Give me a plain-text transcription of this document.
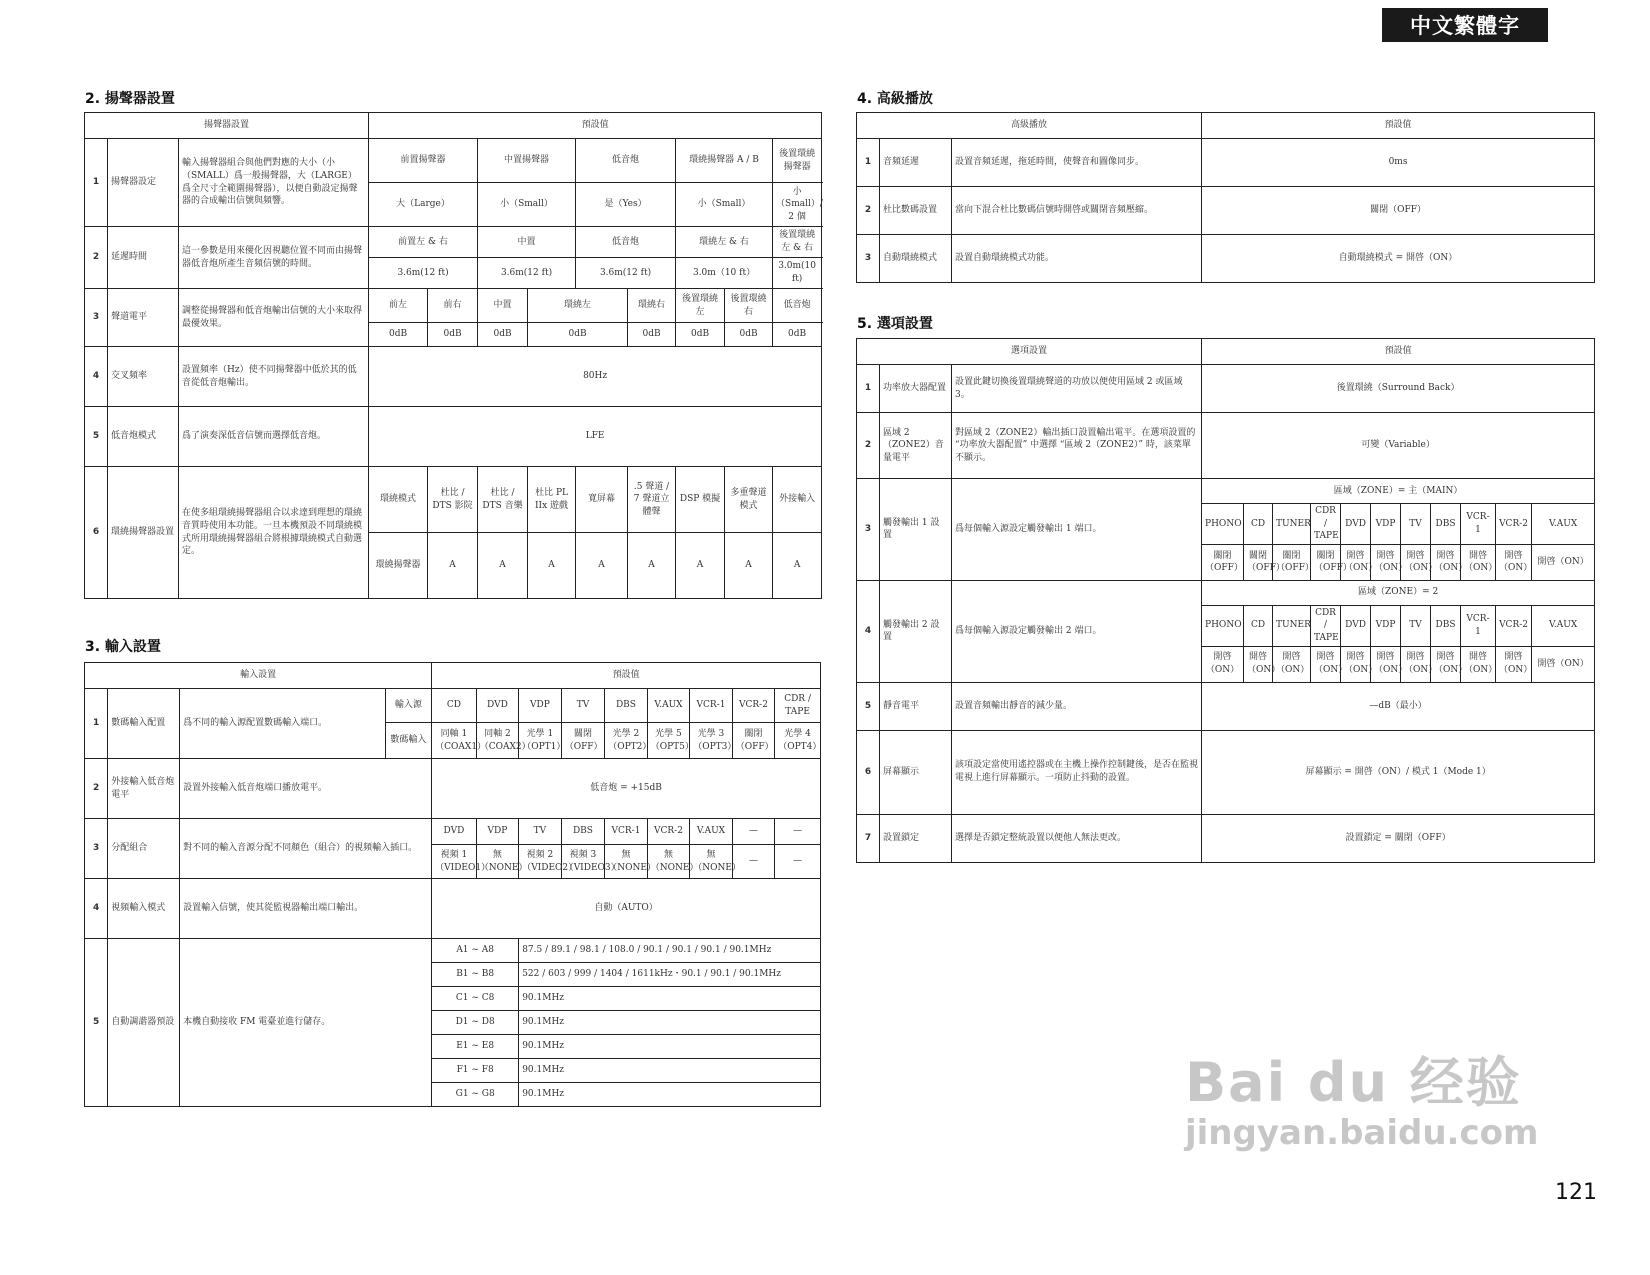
中文繁體字
2. 揚聲器設置
揚聲器設置			預設值								
1	揚聲器設定	輸入揚聲器組合與他們對應的大小（小（SMALL）爲一般揚聲器，大（LARGE）爲全尺寸全範圍揚聲器），以便自動設定揚聲器的合成輸出信號與頻響。	前置揚聲器		中置揚聲器		低音炮		環繞揚聲器 A / B		後置環繞揚聲器
			大（Large）		小（Small）		是（Yes）		小（Small）		小（Small）/ 2 個
2	延遲時間	這一參數是用來優化因視聽位置不同而由揚聲器低音炮所產生音頻信號的時間。	前置左 & 右		中置		低音炮		環繞左 & 右		後置環繞左 & 右
			3.6m(12 ft)		3.6m(12 ft)		3.6m(12 ft)		3.0m（10 ft）		3.0m(10 ft)
3	聲道電平	調整從揚聲器和低音炮輸出信號的大小來取得最優效果。	前左	前右	中置	環繞左		環繞右	後置環繞左	後置環繞右	低音炮
			0dB	0dB	0dB	0dB		0dB	0dB	0dB	0dB
4	交叉頻率	設置頻率（Hz）使不同揚聲器中低於其的低音從低音炮輸出。	80Hz								
5	低音炮模式	爲了演奏深低音信號而選擇低音炮。	LFE								
6	環繞揚聲器設置	在使多組環繞揚聲器組合以求達到理想的環繞音質時使用本功能。一旦本機預設不同環繞模式所用環繞揚聲器組合將根據環繞模式自動選定。	環繞模式	杜比 / DTS 影院	杜比 / DTS 音樂	杜比 PL IIx 遊戲	寬屏幕	.5 聲道 / 7 聲道立體聲	DSP 模擬	多重聲道模式	外接輸入
			環繞揚聲器	A	A	A	A	A	A	A	A
3. 輸入設置
輸入設置				預設值								
1	數碼輸入配置	爲不同的輸入源配置數碼輸入端口。	輸入源	CD	DVD	VDP	TV	DBS	V.AUX	VCR-1	VCR-2	CDR / TAPE
			數碼輸入	同軸 1（COAX1）	同軸 2（COAX2）	光學 1（OPT1）	關閉（OFF）	光學 2（OPT2）	光學 5（OPT5）	光學 3（OPT3）	關閉（OFF）	光學 4（OPT4）
2	外接輸入低音炮電平	設置外接輸入低音炮端口播放電平。		低音炮 = +15dB								
3	分配組合	對不同的輸入音源分配不同顏色（組合）的視頻輸入插口。		DVD	VDP	TV	DBS	VCR-1	VCR-2	V.AUX	—	—
				視頻 1（VIDEO1）	無（NONE）	視頻 2（VIDEO2）	視頻 3（VIDEO3）	無（NONE）	無（NONE）	無（NONE）	—	—
4	視頻輸入模式	設置輸入信號，使其從監視器輸出端口輸出。		自動（AUTO）								
5	自動調諧器預設	本機自動接收 FM 電臺並進行儲存。		A1 ~ A8		87.5 / 89.1 / 98.1 / 108.0 / 90.1 / 90.1 / 90.1 / 90.1MHz						
				B1 ~ B8		522 / 603 / 999 / 1404 / 1611kHz・90.1 / 90.1 / 90.1MHz						
				C1 ~ C8		90.1MHz						
				D1 ~ D8		90.1MHz						
				E1 ~ E8		90.1MHz						
				F1 ~ F8		90.1MHz						
				G1 ~ G8		90.1MHz						
4. 高級播放
高級播放			預設值
1	音頻延遲	設置音頻延遲，拖延時間，使聲音和圖像同步。	0ms
2	杜比數碼設置	當向下混合杜比數碼信號時開啓或關閉音頻壓縮。	關閉（OFF）
3	自動環繞模式	設置自動環繞模式功能。	自動環繞模式 = 開啓（ON）
5. 選項設置
選項設置			預設值										
1	功率放大器配置	設置此鍵切換後置環繞聲道的功放以便使用區域 2 或區域 3。	後置環繞（Surround Back）										
2	區域 2（ZONE2）音量電平	對區域 2（ZONE2）輸出插口設置輸出電平。在選項設置的 “功率放大器配置” 中選擇 “區域 2（ZONE2）” 時，該菜單不顯示。	可變（Variable）										
3	觸發輸出 1 設置	爲每個輸入源設定觸發輸出 1 端口。	區域（ZONE）= 主（MAIN）										
			PHONO	CD	TUNER	CDR / TAPE	DVD	VDP	TV	DBS	VCR-1	VCR-2	V.AUX
			關閉（OFF）	關閉（OFF）	關閉（OFF）	關閉（OFF）	開啓（ON）	開啓（ON）	開啓（ON）	開啓（ON）	開啓（ON）	開啓（ON）	開啓（ON）
4	觸發輸出 2 設置	爲每個輸入源設定觸發輸出 2 端口。	區域（ZONE）= 2										
			PHONO	CD	TUNER	CDR / TAPE	DVD	VDP	TV	DBS	VCR-1	VCR-2	V.AUX
			開啓（ON）	開啓（ON）	開啓（ON）	開啓（ON）	開啓（ON）	開啓（ON）	開啓（ON）	開啓（ON）	開啓（ON）	開啓（ON）	開啓（ON）
5	靜音電平	設置音頻輸出靜音的減少量。	—dB（最小）										
6	屏幕顯示	該項設定當使用遙控器或在主機上操作控制鍵後，是否在監視電視上進行屏幕顯示。一項防止抖動的設置。	屏幕顯示 = 開啓（ON）/ 模式 1（Mode 1）										
7	設置鎖定	選擇是否鎖定整統設置以便他人無法更改。	設置鎖定 = 關閉（OFF）										
Bai du 经验
jingyan.baidu.com
121
